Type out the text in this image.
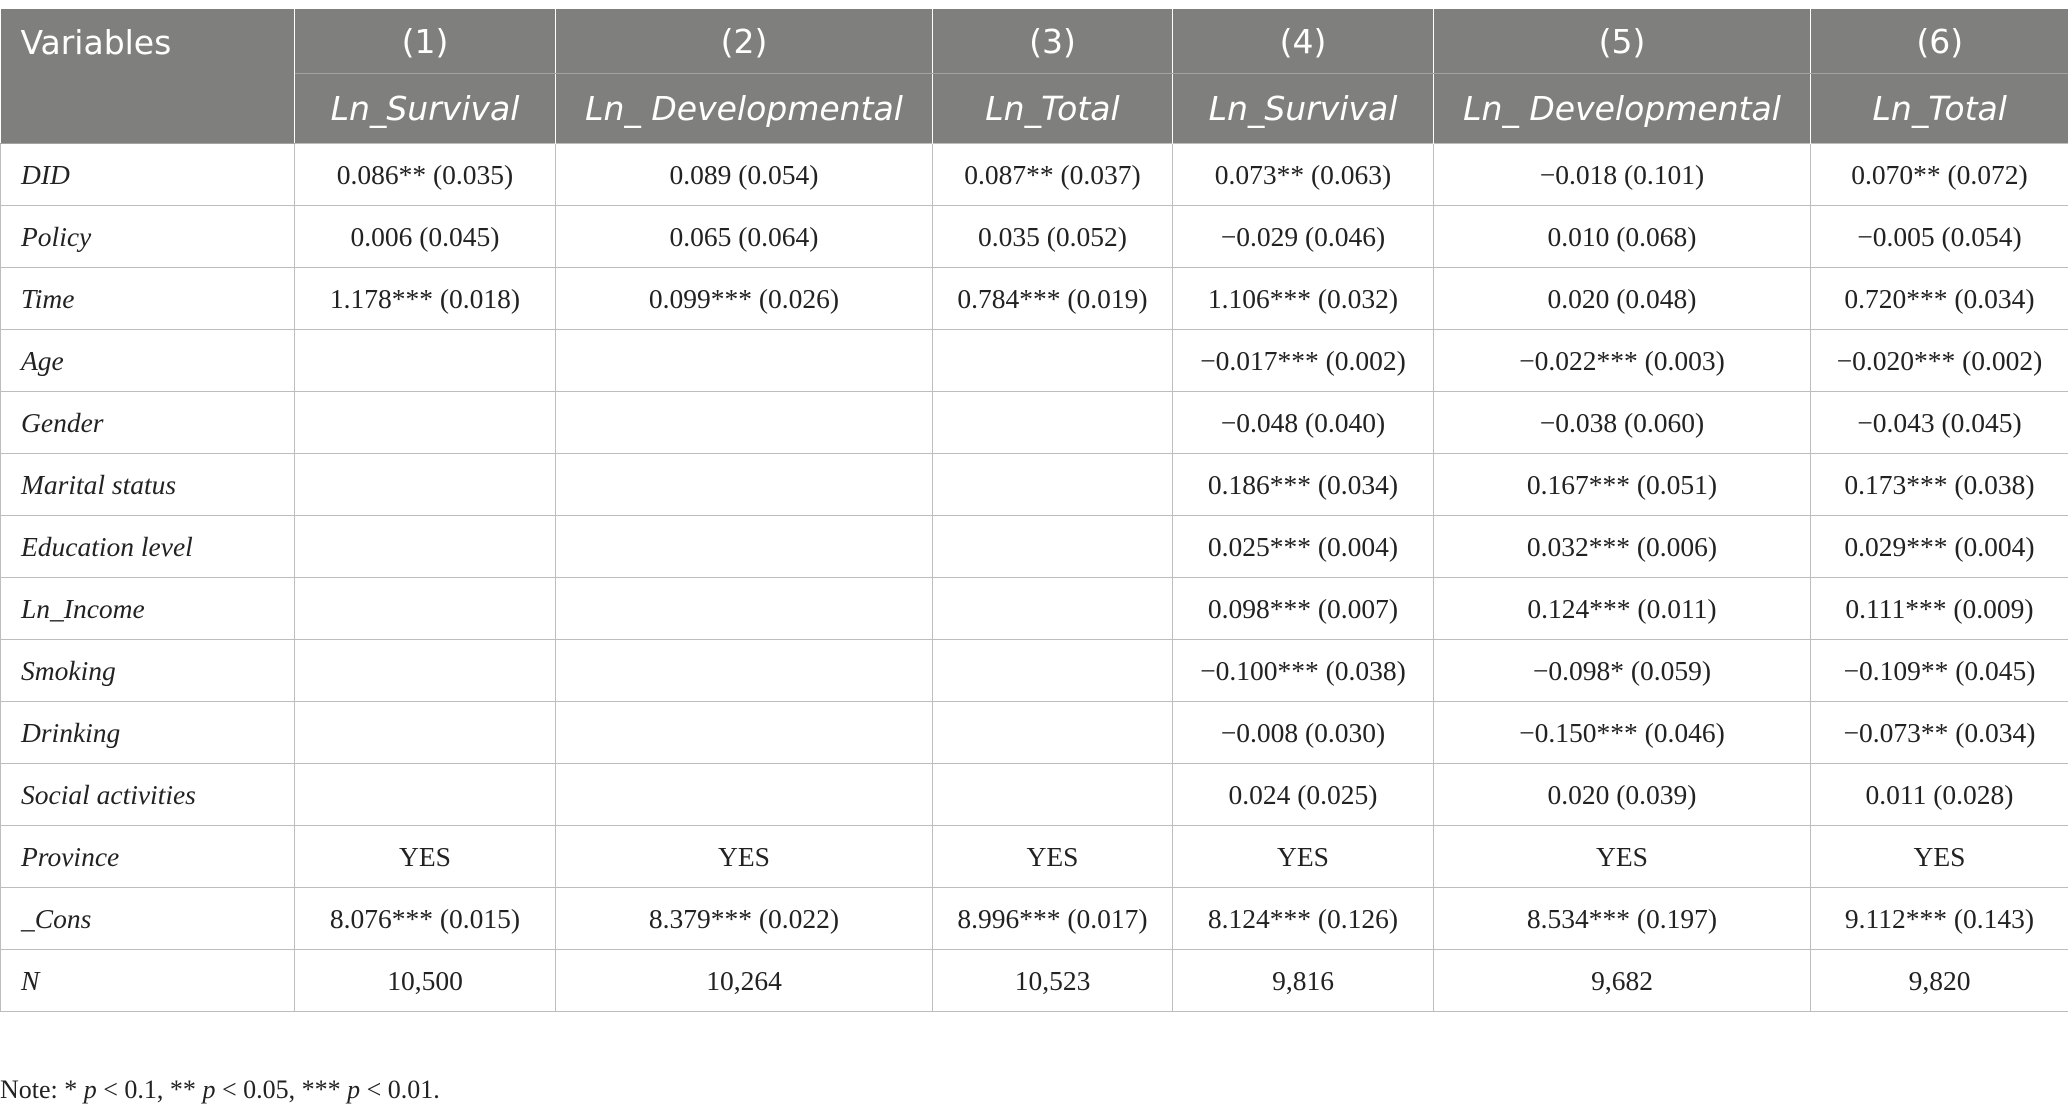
Variables	(1)	(2)	(3)	(4)	(5)	(6)
	Ln_Survival	Ln_ Developmental	Ln_Total	Ln_Survival	Ln_ Developmental	Ln_Total
DID	0.086** (0.035)	0.089 (0.054)	0.087** (0.037)	0.073** (0.063)	−0.018 (0.101)	0.070** (0.072)
Policy	0.006 (0.045)	0.065 (0.064)	0.035 (0.052)	−0.029 (0.046)	0.010 (0.068)	−0.005 (0.054)
Time	1.178*** (0.018)	0.099*** (0.026)	0.784*** (0.019)	1.106*** (0.032)	0.020 (0.048)	0.720*** (0.034)
Age				−0.017*** (0.002)	−0.022*** (0.003)	−0.020*** (0.002)
Gender				−0.048 (0.040)	−0.038 (0.060)	−0.043 (0.045)
Marital status				0.186*** (0.034)	0.167*** (0.051)	0.173*** (0.038)
Education level				0.025*** (0.004)	0.032*** (0.006)	0.029*** (0.004)
Ln_Income				0.098*** (0.007)	0.124*** (0.011)	0.111*** (0.009)
Smoking				−0.100*** (0.038)	−0.098* (0.059)	−0.109** (0.045)
Drinking				−0.008 (0.030)	−0.150*** (0.046)	−0.073** (0.034)
Social activities				0.024 (0.025)	0.020 (0.039)	0.011 (0.028)
Province	YES	YES	YES	YES	YES	YES
_Cons	8.076*** (0.015)	8.379*** (0.022)	8.996*** (0.017)	8.124*** (0.126)	8.534*** (0.197)	9.112*** (0.143)
N	10,500	10,264	10,523	9,816	9,682	9,820
Note: * p < 0.1, ** p < 0.05, *** p < 0.01.
